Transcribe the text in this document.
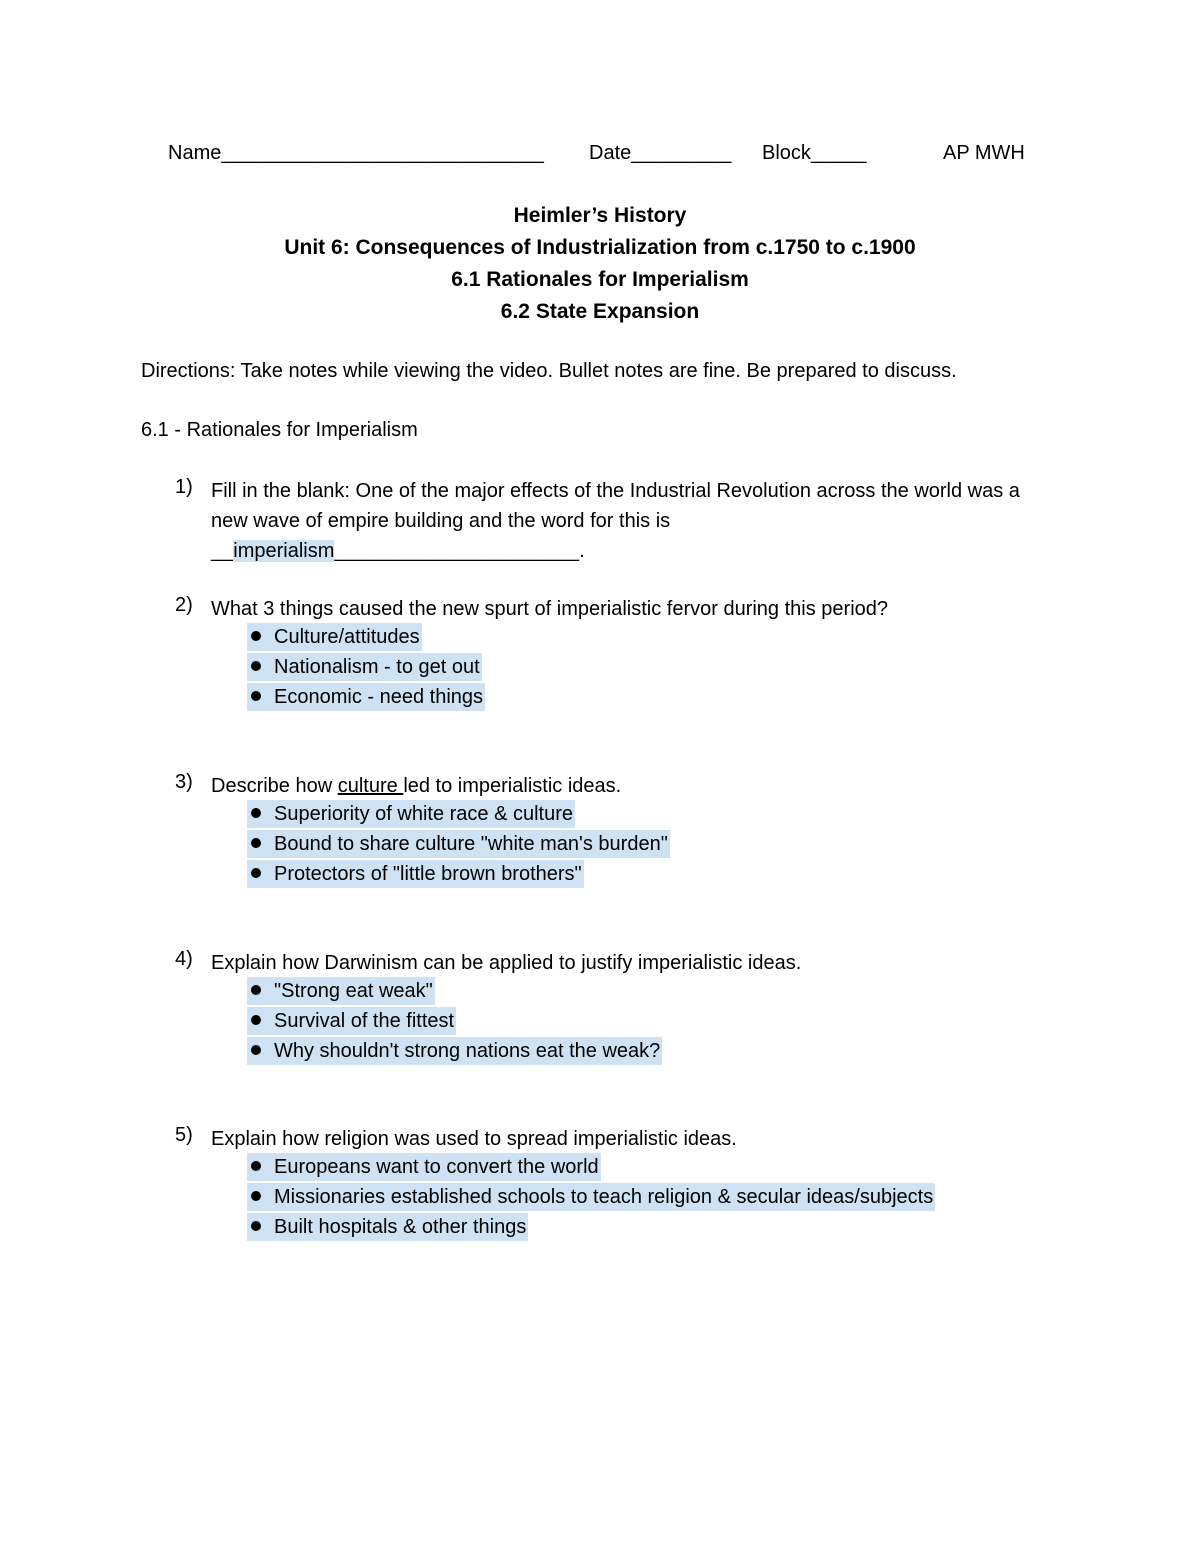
Name_____________________________ Date_________ Block_____	AP MWH
Heimler’s History
Unit 6: Consequences of Industrialization from c.1750 to c.1900
6.1 Rationales for Imperialism
6.2 State Expansion
Directions: Take notes while viewing the video. Bullet notes are fine. Be prepared to discuss.
6.1 - Rationales for Imperialism
1) Fill in the blank: One of the major effects of the Industrial Revolution across the world was a new wave of empire building and the word for this is
__imperialism______________________.
2) What 3 things caused the new spurt of imperialistic fervor during this period?
Culture/attitudes
Nationalism - to get out
Economic - need things
3) Describe how culture led to imperialistic ideas.
Superiority of white race & culture
Bound to share culture "white man's burden"
Protectors of "little brown brothers"
4) Explain how Darwinism can be applied to justify imperialistic ideas.
"Strong eat weak"
Survival of the fittest
Why shouldn't strong nations eat the weak?
5) Explain how religion was used to spread imperialistic ideas.
Europeans want to convert the world
Missionaries established schools to teach religion & secular ideas/subjects
Built hospitals & other things
